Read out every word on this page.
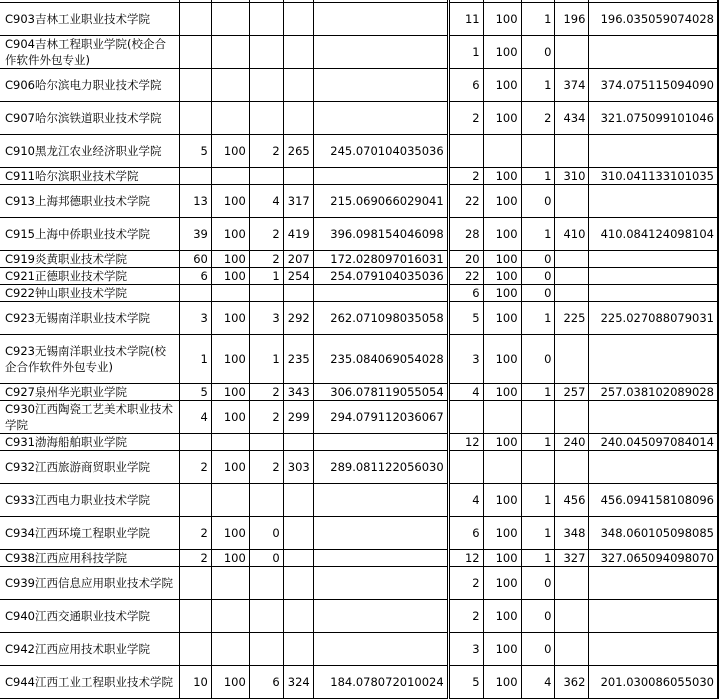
C903吉林工业职业技术学院						11	100	1	196	196.035059074028
C904吉林工程职业学院(校企合作软件外包专业)						1	100	0		
C906哈尔滨电力职业技术学院						6	100	1	374	374.075115094090
C907哈尔滨铁道职业技术学院						2	100	2	434	321.075099101046
C910黑龙江农业经济职业学院	5	100	2	265	245.070104035036					
C911哈尔滨职业技术学院						2	100	1	310	310.041133101035
C913上海邦德职业技术学院	13	100	4	317	215.069066029041	22	100	0		
C915上海中侨职业技术学院	39	100	2	419	396.098154046098	28	100	1	410	410.084124098104
C919炎黄职业技术学院	60	100	2	207	172.028097016031	20	100	0		
C921正德职业技术学院	6	100	1	254	254.079104035036	22	100	0		
C922钟山职业技术学院						6	100	0		
C923无锡南洋职业技术学院	3	100	3	292	262.071098035058	5	100	1	225	225.027088079031
C923无锡南洋职业技术学院(校企合作软件外包专业)	1	100	1	235	235.084069054028	3	100	0		
C927泉州华光职业学院	5	100	2	343	306.078119055054	4	100	1	257	257.038102089028
C930江西陶瓷工艺美术职业技术学院	4	100	2	299	294.079112036067					
C931渤海船舶职业学院						12	100	1	240	240.045097084014
C932江西旅游商贸职业学院	2	100	2	303	289.081122056030					
C933江西电力职业技术学院						4	100	1	456	456.094158108096
C934江西环境工程职业学院	2	100	0			6	100	1	348	348.060105098085
C938江西应用科技学院	2	100	0			12	100	1	327	327.065094098070
C939江西信息应用职业技术学院						2	100	0		
C940江西交通职业技术学院						2	100	0		
C942江西应用技术职业学院						3	100	0		
C944江西工业工程职业技术学院	10	100	6	324	184.078072010024	5	100	4	362	201.030086055030
